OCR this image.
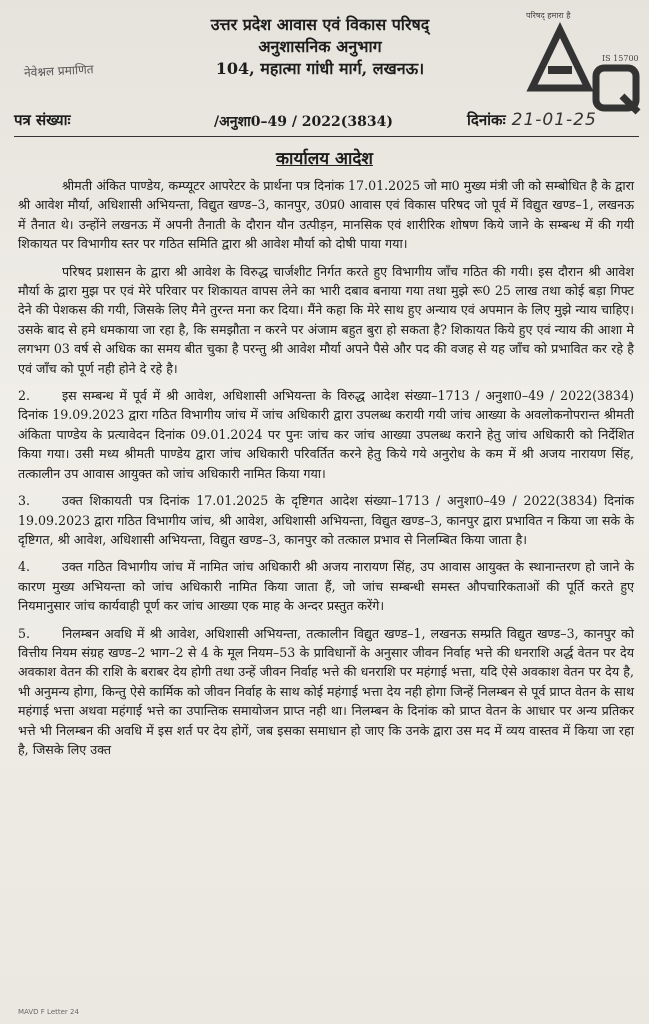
उत्तर प्रदेश आवास एवं विकास परिषद्
अनुशासनिक अनुभाग
104, महात्मा गांधी मार्ग, लखनऊ।
नेवेश्नल प्रमाणित
परिषद् हमारा है
IS 15700
पत्र संख्याः	/अनुशा0–49 / 2022(3834)	दिनांकः 21-01-25
कार्यालय आदेश

श्रीमती अंकित पाण्डेय, कम्प्यूटर आपरेटर के प्रार्थना पत्र दिनांक 17.01.2025 जो मा0 मुख्य मंत्री जी को सम्बोधित है के द्वारा श्री आवेश मौर्या, अधिशासी अभियन्ता, विद्युत खण्ड–3, कानपुर, उ0प्र0 आवास एवं विकास परिषद जो पूर्व में विद्युत खण्ड–1, लखनऊ में तैनात थे। उन्होंने लखनऊ में अपनी तैनाती के दौरान यौन उत्पीड़न, मानसिक एवं शारीरिक शोषण किये जाने के सम्बन्ध में की गयी शिकायत पर विभागीय स्तर पर गठित समिति द्वारा श्री आवेश मौर्या को दोषी पाया गया।

परिषद प्रशासन के द्वारा श्री आवेश के विरुद्ध चार्जशीट निर्गत करते हुए विभागीय जाँच गठित की गयी। इस दौरान श्री आवेश मौर्या के द्वारा मुझ पर एवं मेरे परिवार पर शिकायत वापस लेने का भारी दबाव बनाया गया तथा मुझे रू0 25 लाख तथा कोई बड़ा गिफ्ट देने की पेशकस की गयी, जिसके लिए मैने तुरन्त मना कर दिया। मैंने कहा कि मेरे साथ हुए अन्याय एवं अपमान के लिए मुझे न्याय चाहिए। उसके बाद से हमे धमकाया जा रहा है, कि समझौता न करने पर अंजाम बहुत बुरा हो सकता है? शिकायत किये हुए एवं न्याय की आशा मे लगभग 03 वर्ष से अधिक का समय बीत चुका है परन्तु श्री आवेश मौर्या अपने पैसे और पद की वजह से यह जाँच को प्रभावित कर रहे है एवं जाँच को पूर्ण नही होने दे रहे है।

2.	इस सम्बन्ध में पूर्व में श्री आवेश, अधिशासी अभियन्ता के विरुद्ध आदेश संख्या–1713 / अनुशा0–49 / 2022(3834) दिनांक 19.09.2023 द्वारा गठित विभागीय जांच में जांच अधिकारी द्वारा उपलब्ध करायी गयी जांच आख्या के अवलोकनोपरान्त श्रीमती अंकिता पाण्डेय के प्रत्यावेदन दिनांक 09.01.2024 पर पुनः जांच कर जांच आख्या उपलब्ध कराने हेतु जांच अधिकारी को निर्देशित किया गया। उसी मध्य श्रीमती पाण्डेय द्वारा जांच अधिकारी परिवर्तित करने हेतु किये गये अनुरोध के कम में श्री अजय नारायण सिंह, तत्कालीन उप आवास आयुक्त को जांच अधिकारी नामित किया गया।

3.	उक्त शिकायती पत्र दिनांक 17.01.2025 के दृष्टिगत आदेश संख्या–1713 / अनुशा0–49 / 2022(3834) दिनांक 19.09.2023 द्वारा गठित विभागीय जांच, श्री आवेश, अधिशासी अभियन्ता, विद्युत खण्ड–3, कानपुर द्वारा प्रभावित न किया जा सके के दृष्टिगत, श्री आवेश, अधिशासी अभियन्ता, विद्युत खण्ड–3, कानपुर को तत्काल प्रभाव से निलम्बित किया जाता है।

4.	उक्त गठित विभागीय जांच में नामित जांच अधिकारी श्री अजय नारायण सिंह, उप आवास आयुक्त के स्थानान्तरण हो जाने के कारण मुख्य अभियन्ता को जांच अधिकारी नामित किया जाता हैं, जो जांच सम्बन्धी समस्त औपचारिकताओं की पूर्ति करते हुए नियमानुसार जांच कार्यवाही पूर्ण कर जांच आख्या एक माह के अन्दर प्रस्तुत करेंगे।

5.	निलम्बन अवधि में श्री आवेश, अधिशासी अभियन्ता, तत्कालीन विद्युत खण्ड–1, लखनऊ सम्प्रति विद्युत खण्ड–3, कानपुर को वित्तीय नियम संग्रह खण्ड–2 भाग–2 से 4 के मूल नियम–53 के प्राविधानों के अनुसार जीवन निर्वाह भत्ते की धनराशि अर्द्ध वेतन पर देय अवकाश वेतन की राशि के बराबर देय होगी तथा उन्हें जीवन निर्वाह भत्ते की धनराशि पर महंगाई भत्ता, यदि ऐसे अवकाश वेतन पर देय है, भी अनुमन्य होगा, किन्तु ऐसे कार्मिक को जीवन निर्वाह के साथ कोई महंगाई भत्ता देय नही होगा जिन्हें निलम्बन से पूर्व प्राप्त वेतन के साथ महंगाई भत्ता अथवा महंगाई भत्ते का उपान्तिक समायोजन प्राप्त नही था। निलम्बन के दिनांक को प्राप्त वेतन के आधार पर अन्य प्रतिकर भत्ते भी निलम्बन की अवधि में इस शर्त पर देय होगें, जब इसका समाधान हो जाए कि उनके द्वारा उस मद में व्यय वास्तव में किया जा रहा है, जिसके लिए उक्त

MAVD F Letter 24
